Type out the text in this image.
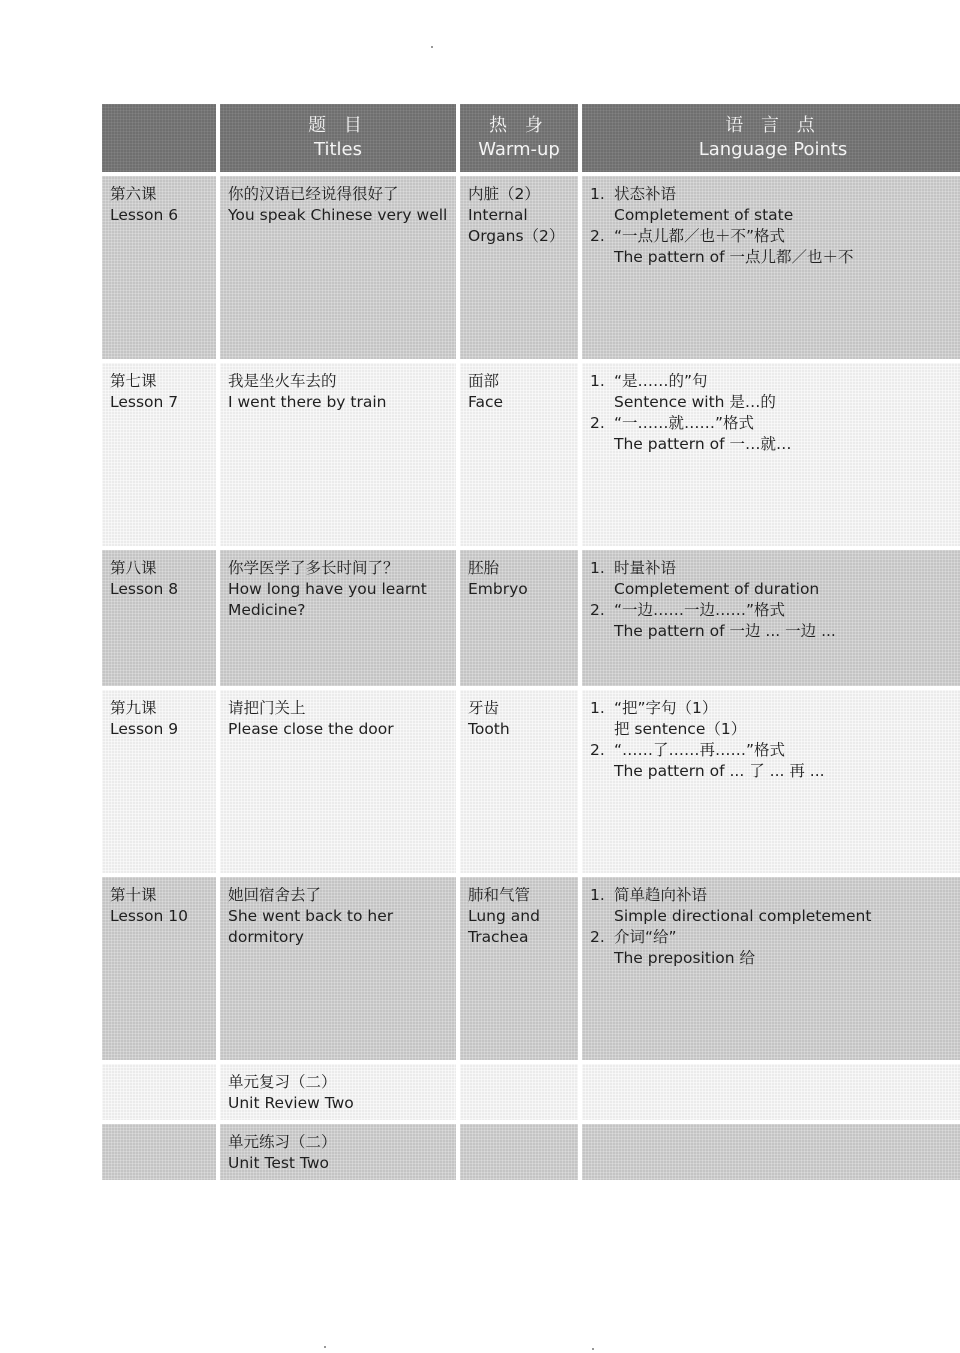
题 目
Titles
热 身
Warm-up
语 言 点
Language Points
第六课
Lesson 6
你的汉语已经说得很好了
You speak Chinese very well
内脏（2）
Internal
Organs（2）
1. 状态补语
Completement of state
2. “一点儿都／也＋不”格式
The pattern of 一点儿都／也＋不
第七课
Lesson 7
我是坐火车去的
I went there by train
面部
Face
1. “是……的”句
Sentence with 是…的
2. “一……就……”格式
The pattern of 一…就…
第八课
Lesson 8
你学医学了多长时间了？
How long have you learnt
Medicine?
胚胎
Embryo
1. 时量补语
Completement of duration
2. “一边……一边……”格式
The pattern of 一边 ... 一边 ...
第九课
Lesson 9
请把门关上
Please close the door
牙齿
Tooth
1. “把”字句（1）
把 sentence（1）
2. “……了……再……”格式
The pattern of ... 了 ... 再 ...
第十课
Lesson 10
她回宿舍去了
She went back to her
dormitory
肺和气管
Lung and
Trachea
1. 简单趋向补语
Simple directional completement
2. 介词“给”
The preposition 给
单元复习（二）
Unit Review Two
单元练习（二）
Unit Test Two
